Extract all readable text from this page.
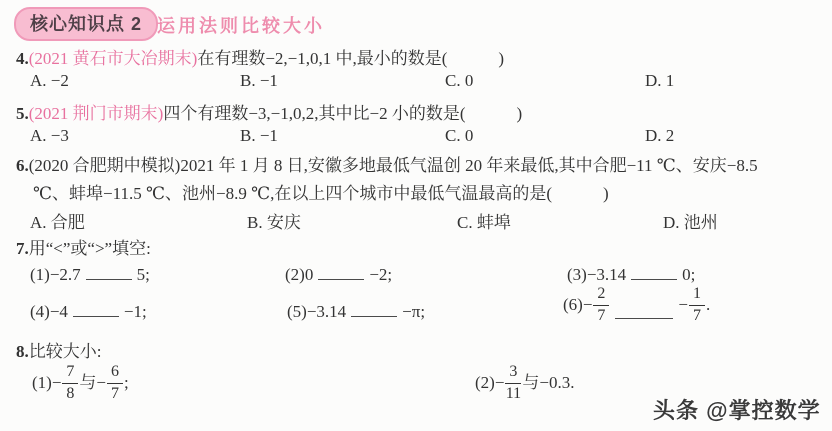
核心知识点 2 运用法则比较大小
4.(2021 黄石市大冶期末)在有理数−2,−1,0,1 中,最小的数是(　　　)
A. −2	B. −1	C. 0	D. 1
5.(2021 荆门市期末)四个有理数−3,−1,0,2,其中比−2 小的数是(　　　)
A. −3	B. −1	C. 0	D. 2
6.(2020 合肥期中模拟)2021 年 1 月 8 日,安徽多地最低气温创 20 年来最低,其中合肥−11 ℃、安庆−8.5
℃、蚌埠−11.5 ℃、池州−8.9 ℃,在以上四个城市中最低气温最高的是(　　　)
A. 合肥	B. 安庆	C. 蚌埠	D. 池州
7.用“<”或“>”填空:
(1)−2.7	5;	(2)0	−2;	(3)−3.14	0;
(4)−4	−1;	(5)−3.14	−π;	$(6)- \frac{2}{7}$	− $\frac{1}{7}$ .
8.比较大小:
$(1)- \frac{7}{8}$ 与− $\frac{6}{7}$ ;	$(2)- \frac{3}{11}$ 与−0.3.
头条 @掌控数学
